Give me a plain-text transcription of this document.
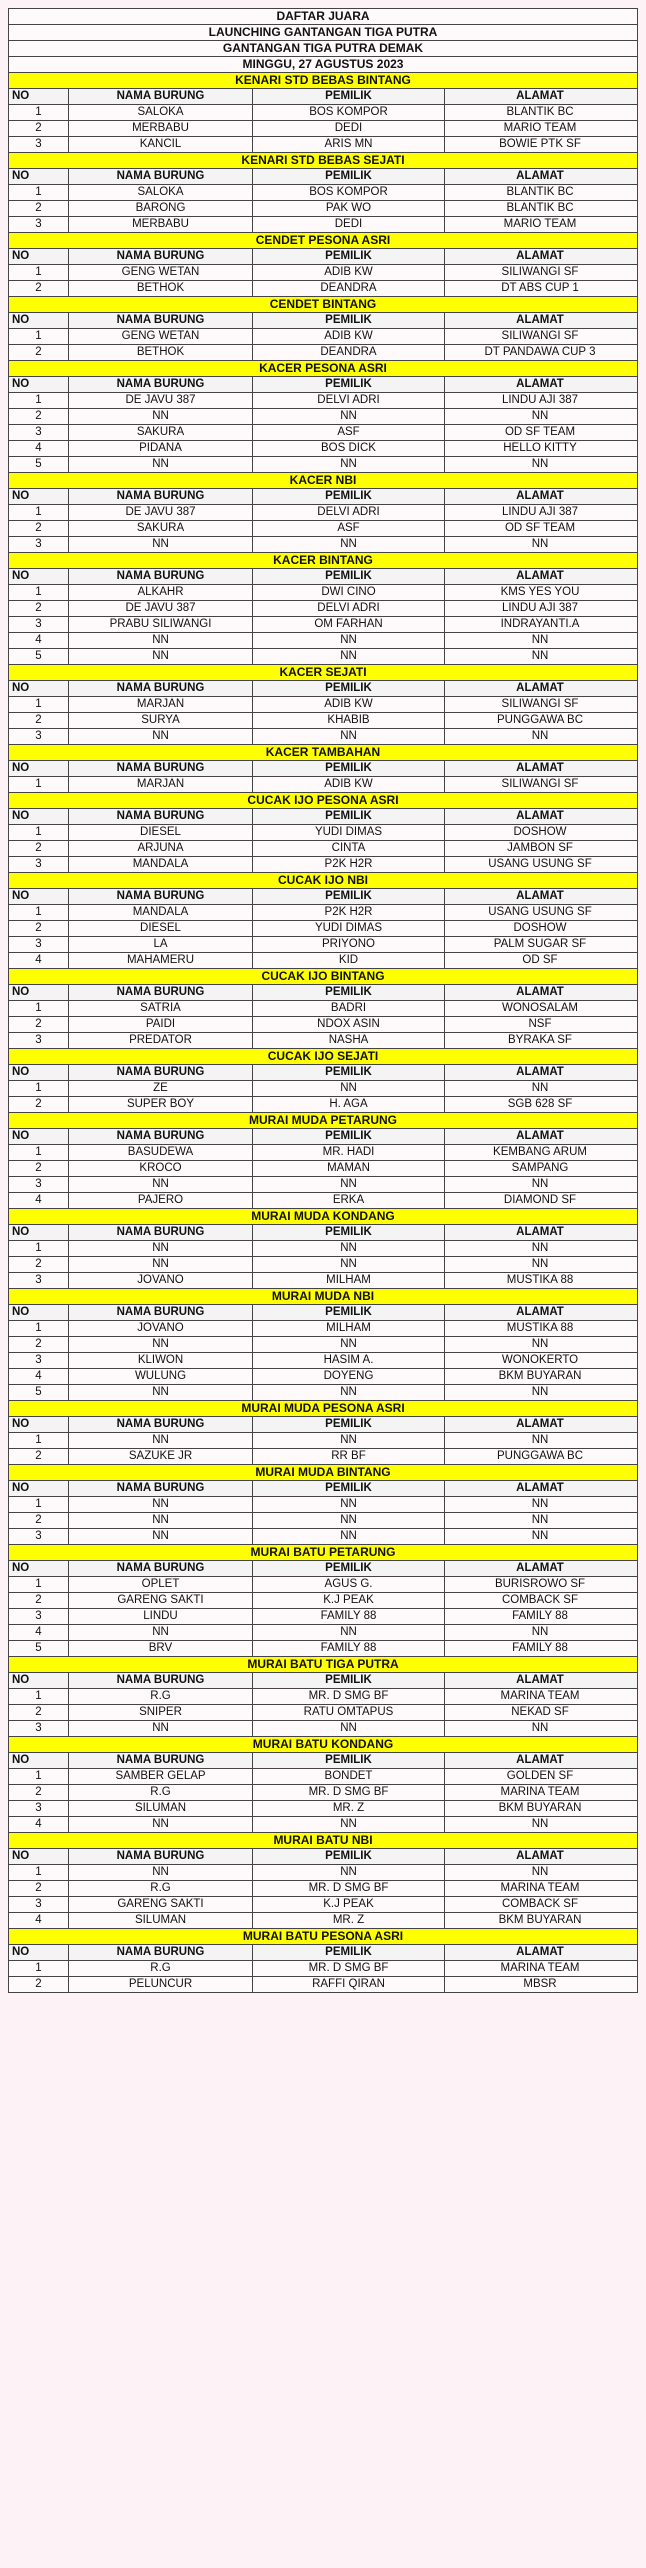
DAFTAR JUARA
LAUNCHING GANTANGAN TIGA PUTRA
GANTANGAN TIGA PUTRA DEMAK
MINGGU, 27 AGUSTUS 2023
KENARI STD BEBAS BINTANG
NO	NAMA BURUNG	PEMILIK	ALAMAT
1	SALOKA	BOS KOMPOR	BLANTIK BC
2	MERBABU	DEDI	MARIO TEAM
3	KANCIL	ARIS MN	BOWIE PTK SF
KENARI STD BEBAS SEJATI
NO	NAMA BURUNG	PEMILIK	ALAMAT
1	SALOKA	BOS KOMPOR	BLANTIK BC
2	BARONG	PAK WO	BLANTIK BC
3	MERBABU	DEDI	MARIO TEAM
CENDET PESONA ASRI
NO	NAMA BURUNG	PEMILIK	ALAMAT
1	GENG WETAN	ADIB KW	SILIWANGI SF
2	BETHOK	DEANDRA	DT ABS CUP 1
CENDET BINTANG
NO	NAMA BURUNG	PEMILIK	ALAMAT
1	GENG WETAN	ADIB KW	SILIWANGI SF
2	BETHOK	DEANDRA	DT PANDAWA CUP 3
KACER PESONA ASRI
NO	NAMA BURUNG	PEMILIK	ALAMAT
1	DE JAVU 387	DELVI ADRI	LINDU AJI 387
2	NN	NN	NN
3	SAKURA	ASF	OD SF TEAM
4	PIDANA	BOS DICK	HELLO KITTY
5	NN	NN	NN
KACER NBI
NO	NAMA BURUNG	PEMILIK	ALAMAT
1	DE JAVU 387	DELVI ADRI	LINDU AJI 387
2	SAKURA	ASF	OD SF TEAM
3	NN	NN	NN
KACER BINTANG
NO	NAMA BURUNG	PEMILIK	ALAMAT
1	ALKAHR	DWI CINO	KMS YES YOU
2	DE JAVU 387	DELVI ADRI	LINDU AJI 387
3	PRABU SILIWANGI	OM FARHAN	INDRAYANTI.A
4	NN	NN	NN
5	NN	NN	NN
KACER SEJATI
NO	NAMA BURUNG	PEMILIK	ALAMAT
1	MARJAN	ADIB KW	SILIWANGI SF
2	SURYA	KHABIB	PUNGGAWA BC
3	NN	NN	NN
KACER TAMBAHAN
NO	NAMA BURUNG	PEMILIK	ALAMAT
1	MARJAN	ADIB KW	SILIWANGI SF
CUCAK IJO PESONA ASRI
NO	NAMA BURUNG	PEMILIK	ALAMAT
1	DIESEL	YUDI DIMAS	DOSHOW
2	ARJUNA	CINTA	JAMBON SF
3	MANDALA	P2K H2R	USANG USUNG SF
CUCAK IJO NBI
NO	NAMA BURUNG	PEMILIK	ALAMAT
1	MANDALA	P2K H2R	USANG USUNG SF
2	DIESEL	YUDI DIMAS	DOSHOW
3	LA	PRIYONO	PALM SUGAR SF
4	MAHAMERU	KID	OD SF
CUCAK IJO BINTANG
NO	NAMA BURUNG	PEMILIK	ALAMAT
1	SATRIA	BADRI	WONOSALAM
2	PAIDI	NDOX ASIN	NSF
3	PREDATOR	NASHA	BYRAKA SF
CUCAK IJO SEJATI
NO	NAMA BURUNG	PEMILIK	ALAMAT
1	ZE	NN	NN
2	SUPER BOY	H. AGA	SGB 628 SF
MURAI MUDA PETARUNG
NO	NAMA BURUNG	PEMILIK	ALAMAT
1	BASUDEWA	MR. HADI	KEMBANG ARUM
2	KROCO	MAMAN	SAMPANG
3	NN	NN	NN
4	PAJERO	ERKA	DIAMOND SF
MURAI MUDA KONDANG
NO	NAMA BURUNG	PEMILIK	ALAMAT
1	NN	NN	NN
2	NN	NN	NN
3	JOVANO	MILHAM	MUSTIKA 88
MURAI MUDA NBI
NO	NAMA BURUNG	PEMILIK	ALAMAT
1	JOVANO	MILHAM	MUSTIKA 88
2	NN	NN	NN
3	KLIWON	HASIM A.	WONOKERTO
4	WULUNG	DOYENG	BKM BUYARAN
5	NN	NN	NN
MURAI MUDA PESONA ASRI
NO	NAMA BURUNG	PEMILIK	ALAMAT
1	NN	NN	NN
2	SAZUKE JR	RR BF	PUNGGAWA BC
MURAI MUDA BINTANG
NO	NAMA BURUNG	PEMILIK	ALAMAT
1	NN	NN	NN
2	NN	NN	NN
3	NN	NN	NN
MURAI BATU PETARUNG
NO	NAMA BURUNG	PEMILIK	ALAMAT
1	OPLET	AGUS G.	BURISROWO SF
2	GARENG SAKTI	K.J PEAK	COMBACK SF
3	LINDU	FAMILY 88	FAMILY 88
4	NN	NN	NN
5	BRV	FAMILY 88	FAMILY 88
MURAI BATU TIGA PUTRA
NO	NAMA BURUNG	PEMILIK	ALAMAT
1	R.G	MR. D SMG BF	MARINA TEAM
2	SNIPER	RATU OMTAPUS	NEKAD SF
3	NN	NN	NN
MURAI BATU KONDANG
NO	NAMA BURUNG	PEMILIK	ALAMAT
1	SAMBER GELAP	BONDET	GOLDEN SF
2	R.G	MR. D SMG BF	MARINA TEAM
3	SILUMAN	MR. Z	BKM BUYARAN
4	NN	NN	NN
MURAI BATU NBI
NO	NAMA BURUNG	PEMILIK	ALAMAT
1	NN	NN	NN
2	R.G	MR. D SMG BF	MARINA TEAM
3	GARENG SAKTI	K.J PEAK	COMBACK SF
4	SILUMAN	MR. Z	BKM BUYARAN
MURAI BATU PESONA ASRI
NO	NAMA BURUNG	PEMILIK	ALAMAT
1	R.G	MR. D SMG BF	MARINA TEAM
2	PELUNCUR	RAFFI QIRAN	MBSR
